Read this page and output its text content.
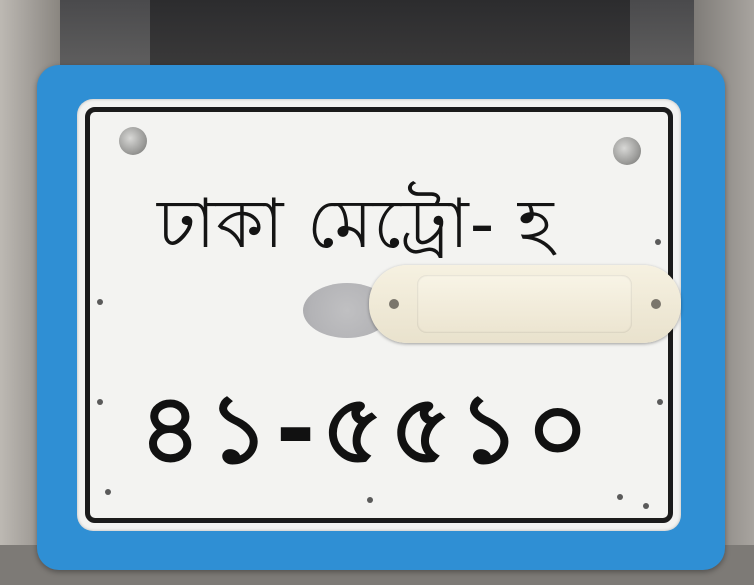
ঢাকা মেট্রো- হ
৪১-৫৫১০
